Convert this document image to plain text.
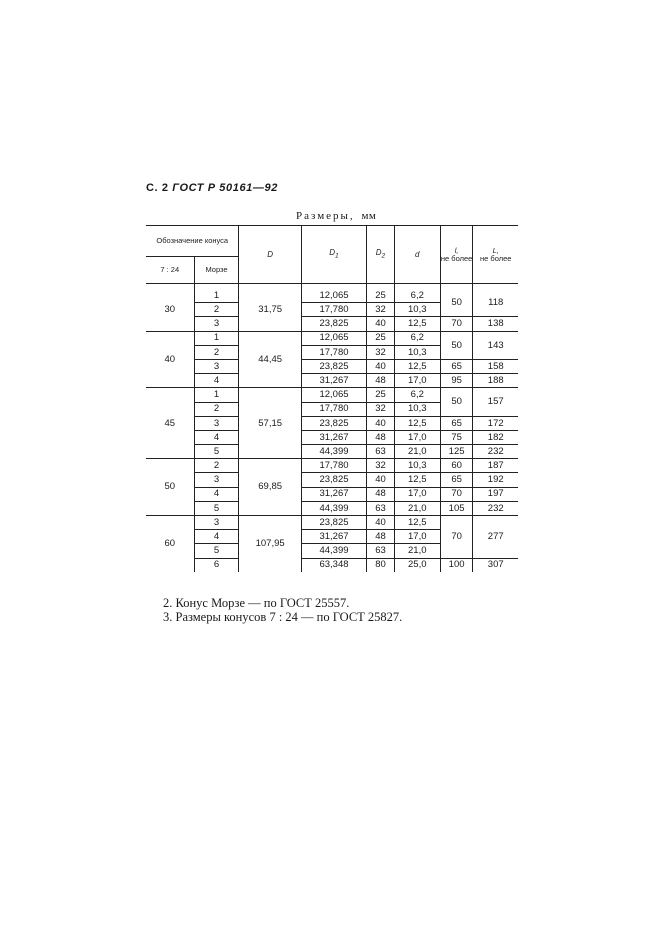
С. 2 ГОСТ Р 50161—92
Размеры, мм
Обозначение конуса		D	$D_1$	$D_2$	d	l,
не более	L,
не более
7 : 24	Морзе						

30	1	31,75	12,065	25	6,2	50	118
	2		17,780	32	10,3		
	3		23,825	40	12,5	70	138
40	1	44,45	12,065	25	6,2	50	143
	2		17,780	32	10,3		
	3		23,825	40	12,5	65	158
	4		31,267	48	17,0	95	188
45	1	57,15	12,065	25	6,2	50	157
	2		17,780	32	10,3		
	3		23,825	40	12,5	65	172
	4		31,267	48	17,0	75	182
	5		44,399	63	21,0	125	232
50	2	69,85	17,780	32	10,3	60	187
	3		23,825	40	12,5	65	192
	4		31,267	48	17,0	70	197
	5		44,399	63	21,0	105	232
60	3	107,95	23,825	40	12,5	70	277
	4		31,267	48	17,0		
	5		44,399	63	21,0		
	6		63,348	80	25,0	100	307
2. Конус Морзе — по ГОСТ 25557.
3. Размеры конусов 7 : 24 — по ГОСТ 25827.
